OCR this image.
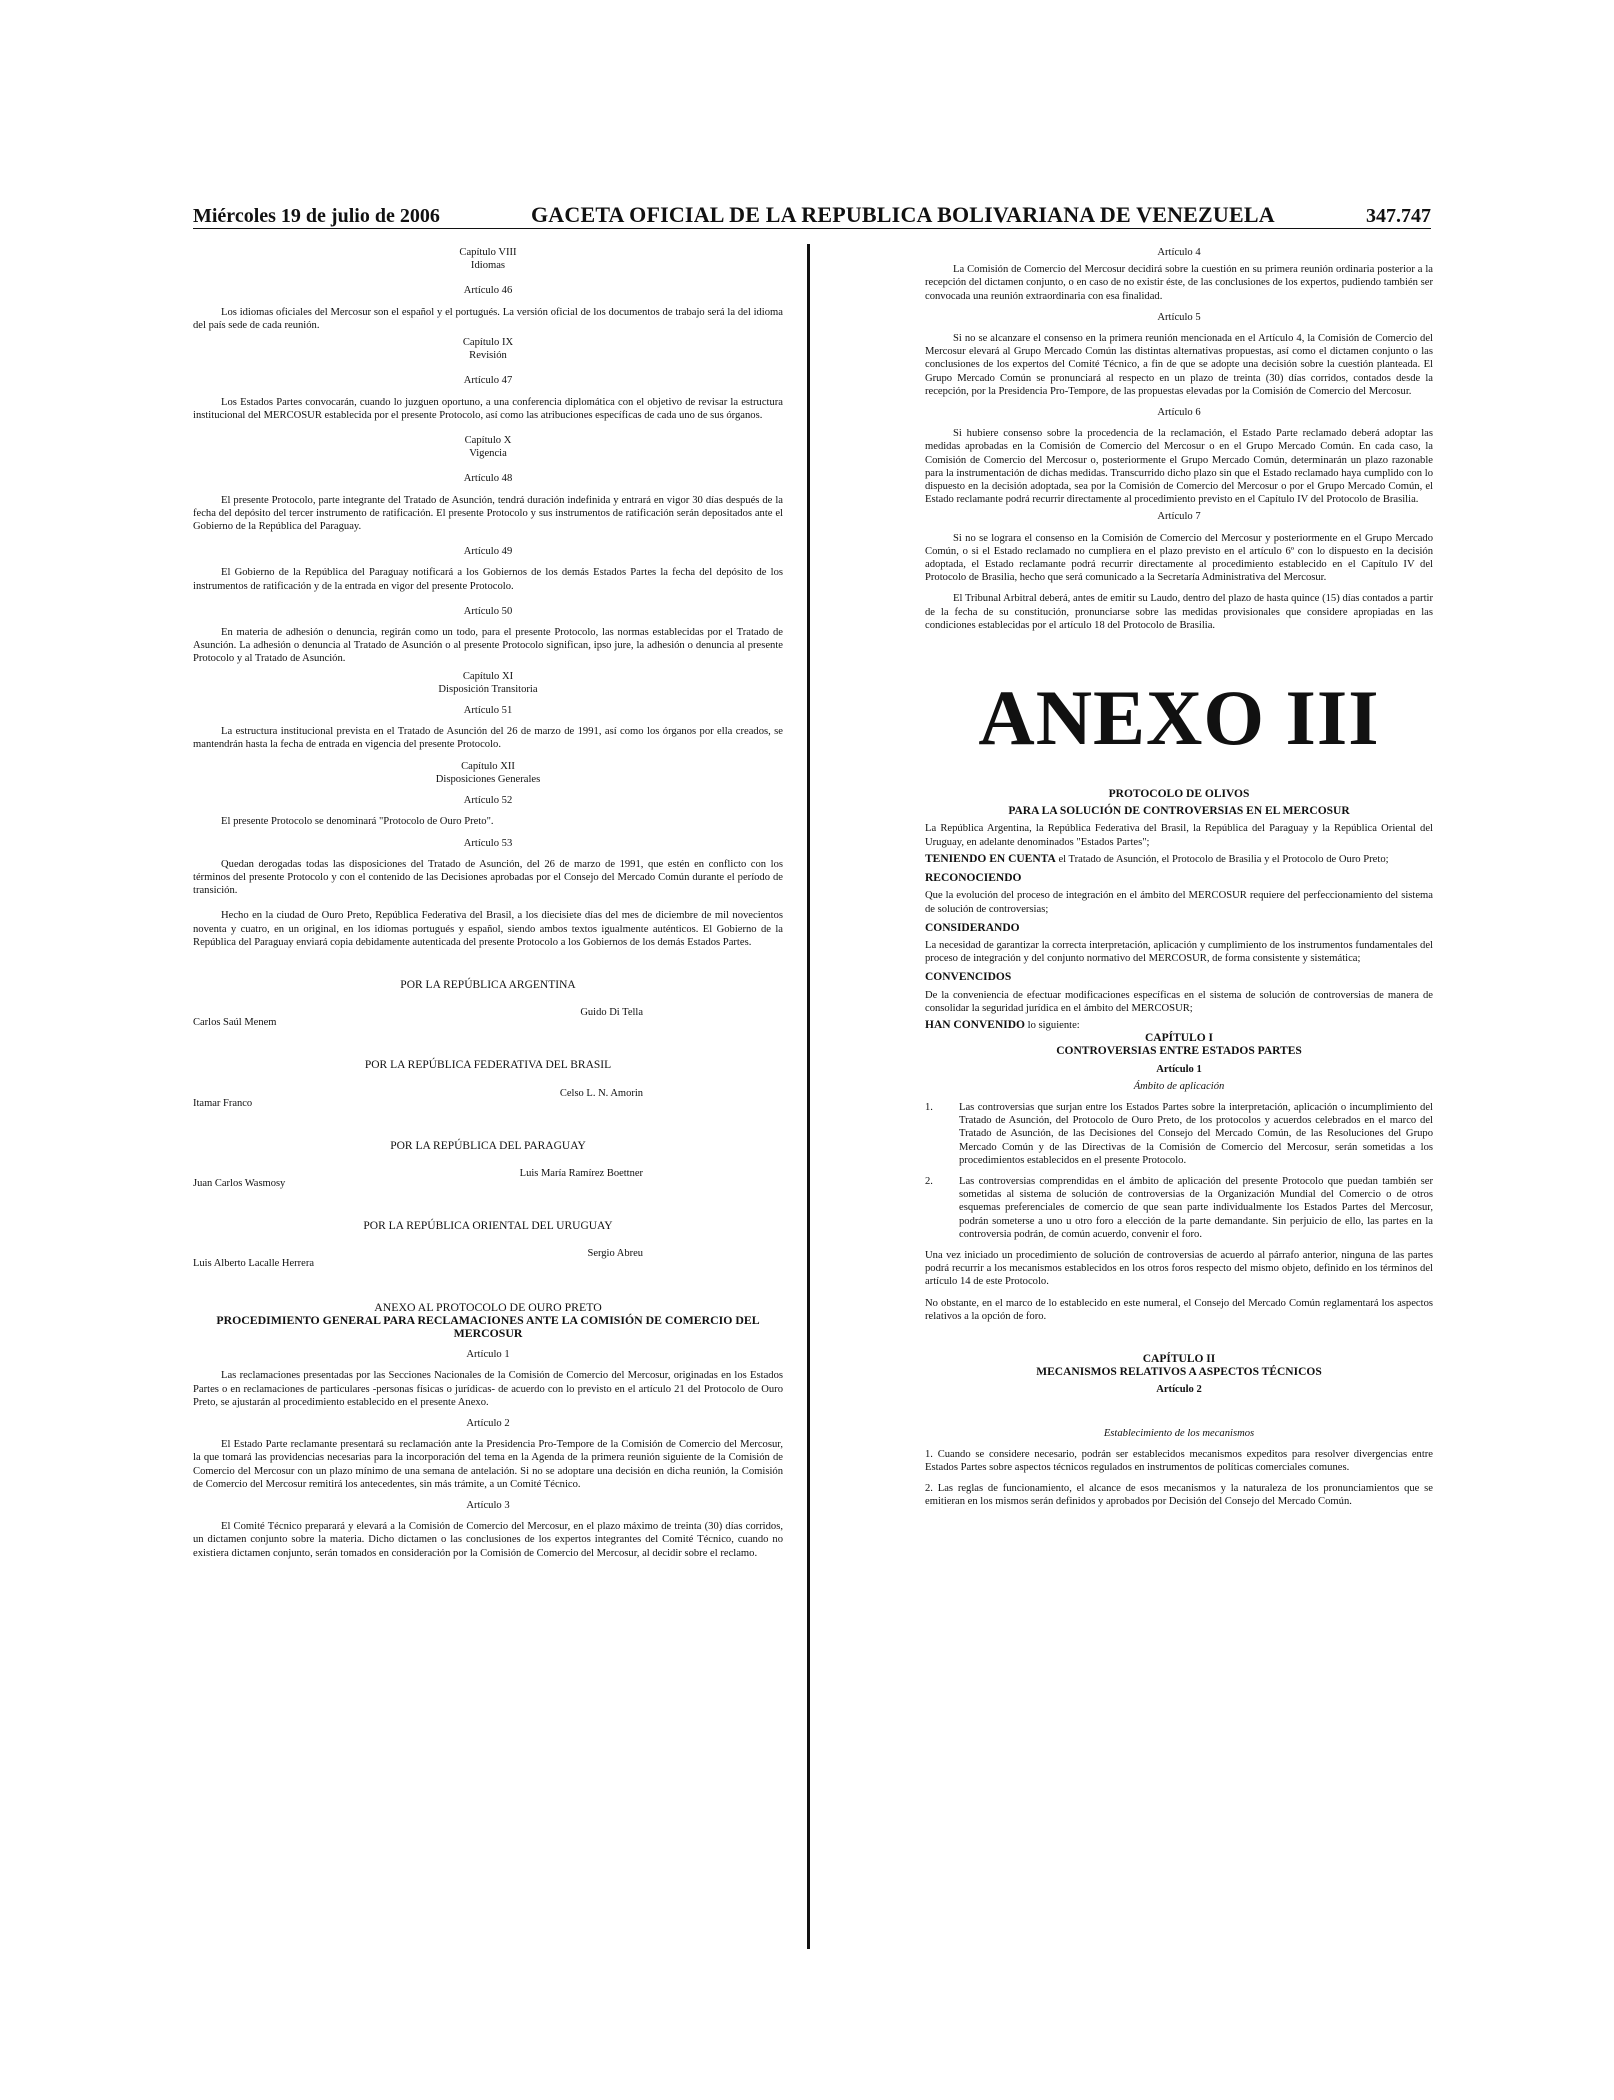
Miércoles 19 de julio de 2006	GACETA OFICIAL DE LA REPUBLICA BOLIVARIANA DE VENEZUELA	347.747
Capítulo VIII
Idiomas
Artículo 46
Los idiomas oficiales del Mercosur son el español y el portugués. La versión oficial de los documentos de trabajo será la del idioma del país sede de cada reunión.
Capítulo IX
Revisión
Artículo 47
Los Estados Partes convocarán, cuando lo juzguen oportuno, a una conferencia diplomática con el objetivo de revisar la estructura institucional del MERCOSUR establecida por el presente Protocolo, así como las atribuciones específicas de cada uno de sus órganos.
Capítulo X
Vigencia
Artículo 48
El presente Protocolo, parte integrante del Tratado de Asunción, tendrá duración indefinida y entrará en vigor 30 días después de la fecha del depósito del tercer instrumento de ratificación. El presente Protocolo y sus instrumentos de ratificación serán depositados ante el Gobierno de la República del Paraguay.
Artículo 49
El Gobierno de la República del Paraguay notificará a los Gobiernos de los demás Estados Partes la fecha del depósito de los instrumentos de ratificación y de la entrada en vigor del presente Protocolo.
Artículo 50
En materia de adhesión o denuncia, regirán como un todo, para el presente Protocolo, las normas establecidas por el Tratado de Asunción. La adhesión o denuncia al Tratado de Asunción o al presente Protocolo significan, ipso jure, la adhesión o denuncia al presente Protocolo y al Tratado de Asunción.
Capítulo XI
Disposición Transitoria
Artículo 51
La estructura institucional prevista en el Tratado de Asunción del 26 de marzo de 1991, así como los órganos por ella creados, se mantendrán hasta la fecha de entrada en vigencia del presente Protocolo.
Capítulo XII
Disposiciones Generales
Artículo 52
El presente Protocolo se denominará "Protocolo de Ouro Preto".
Artículo 53
Quedan derogadas todas las disposiciones del Tratado de Asunción, del 26 de marzo de 1991, que estén en conflicto con los términos del presente Protocolo y con el contenido de las Decisiones aprobadas por el Consejo del Mercado Común durante el período de transición.
Hecho en la ciudad de Ouro Preto, República Federativa del Brasil, a los diecisiete días del mes de diciembre de mil novecientos noventa y cuatro, en un original, en los idiomas portugués y español, siendo ambos textos igualmente auténticos. El Gobierno de la República del Paraguay enviará copia debidamente autenticada del presente Protocolo a los Gobiernos de los demás Estados Partes.
POR LA REPÚBLICA ARGENTINA
Carlos Saúl Menem
Guido Di Tella
POR LA REPÚBLICA FEDERATIVA DEL BRASIL
Itamar Franco
Celso L. N. Amorin
POR LA REPÚBLICA DEL PARAGUAY
Juan Carlos Wasmosy
Luis María Ramírez Boettner
POR LA REPÚBLICA ORIENTAL DEL URUGUAY
Luis Alberto Lacalle Herrera
Sergio Abreu
ANEXO AL PROTOCOLO DE OURO PRETO
PROCEDIMIENTO GENERAL PARA RECLAMACIONES ANTE LA COMISIÓN DE COMERCIO DEL MERCOSUR
Artículo 1
Las reclamaciones presentadas por las Secciones Nacionales de la Comisión de Comercio del Mercosur, originadas en los Estados Partes o en reclamaciones de particulares -personas físicas o jurídicas- de acuerdo con lo previsto en el artículo 21 del Protocolo de Ouro Preto, se ajustarán al procedimiento establecido en el presente Anexo.
Artículo 2
El Estado Parte reclamante presentará su reclamación ante la Presidencia Pro-Tempore de la Comisión de Comercio del Mercosur, la que tomará las providencias necesarias para la incorporación del tema en la Agenda de la primera reunión siguiente de la Comisión de Comercio del Mercosur con un plazo mínimo de una semana de antelación. Si no se adoptare una decisión en dicha reunión, la Comisión de Comercio del Mercosur remitirá los antecedentes, sin más trámite, a un Comité Técnico.
Artículo 3
El Comité Técnico preparará y elevará a la Comisión de Comercio del Mercosur, en el plazo máximo de treinta (30) días corridos, un dictamen conjunto sobre la materia. Dicho dictamen o las conclusiones de los expertos integrantes del Comité Técnico, cuando no existiera dictamen conjunto, serán tomados en consideración por la Comisión de Comercio del Mercosur, al decidir sobre el reclamo.
Artículo 4
La Comisión de Comercio del Mercosur decidirá sobre la cuestión en su primera reunión ordinaria posterior a la recepción del dictamen conjunto, o en caso de no existir éste, de las conclusiones de los expertos, pudiendo también ser convocada una reunión extraordinaria con esa finalidad.
Artículo 5
Si no se alcanzare el consenso en la primera reunión mencionada en el Artículo 4, la Comisión de Comercio del Mercosur elevará al Grupo Mercado Común las distintas alternativas propuestas, así como el dictamen conjunto o las conclusiones de los expertos del Comité Técnico, a fin de que se adopte una decisión sobre la cuestión planteada. El Grupo Mercado Común se pronunciará al respecto en un plazo de treinta (30) días corridos, contados desde la recepción, por la Presidencia Pro-Tempore, de las propuestas elevadas por la Comisión de Comercio del Mercosur.
Artículo 6
Si hubiere consenso sobre la procedencia de la reclamación, el Estado Parte reclamado deberá adoptar las medidas aprobadas en la Comisión de Comercio del Mercosur o en el Grupo Mercado Común. En cada caso, la Comisión de Comercio del Mercosur o, posteriormente el Grupo Mercado Común, determinarán un plazo razonable para la instrumentación de dichas medidas. Transcurrido dicho plazo sin que el Estado reclamado haya cumplido con lo dispuesto en la decisión adoptada, sea por la Comisión de Comercio del Mercosur o por el Grupo Mercado Común, el Estado reclamante podrá recurrir directamente al procedimiento previsto en el Capítulo IV del Protocolo de Brasilia.
Artículo 7
Si no se lograra el consenso en la Comisión de Comercio del Mercosur y posteriormente en el Grupo Mercado Común, o si el Estado reclamado no cumpliera en el plazo previsto en el artículo 6º con lo dispuesto en la decisión adoptada, el Estado reclamante podrá recurrir directamente al procedimiento establecido en el Capítulo IV del Protocolo de Brasilia, hecho que será comunicado a la Secretaría Administrativa del Mercosur.
El Tribunal Arbitral deberá, antes de emitir su Laudo, dentro del plazo de hasta quince (15) días contados a partir de la fecha de su constitución, pronunciarse sobre las medidas provisionales que considere apropiadas en las condiciones establecidas por el artículo 18 del Protocolo de Brasilia.
ANEXO III
PROTOCOLO DE OLIVOS
PARA LA SOLUCIÓN DE CONTROVERSIAS EN EL MERCOSUR
La República Argentina, la República Federativa del Brasil, la República del Paraguay y la República Oriental del Uruguay, en adelante denominados "Estados Partes";
TENIENDO EN CUENTA el Tratado de Asunción, el Protocolo de Brasilia y el Protocolo de Ouro Preto;
RECONOCIENDO
Que la evolución del proceso de integración en el ámbito del MERCOSUR requiere del perfeccionamiento del sistema de solución de controversias;
CONSIDERANDO
La necesidad de garantizar la correcta interpretación, aplicación y cumplimiento de los instrumentos fundamentales del proceso de integración y del conjunto normativo del MERCOSUR, de forma consistente y sistemática;
CONVENCIDOS
De la conveniencia de efectuar modificaciones específicas en el sistema de solución de controversias de manera de consolidar la seguridad jurídica en el ámbito del MERCOSUR;
HAN CONVENIDO lo siguiente:
CAPÍTULO I
CONTROVERSIAS ENTRE ESTADOS PARTES
Artículo 1
Ámbito de aplicación
1.	Las controversias que surjan entre los Estados Partes sobre la interpretación, aplicación o incumplimiento del Tratado de Asunción, del Protocolo de Ouro Preto, de los protocolos y acuerdos celebrados en el marco del Tratado de Asunción, de las Decisiones del Consejo del Mercado Común, de las Resoluciones del Grupo Mercado Común y de las Directivas de la Comisión de Comercio del Mercosur, serán sometidas a los procedimientos establecidos en el presente Protocolo.
2.	Las controversias comprendidas en el ámbito de aplicación del presente Protocolo que puedan también ser sometidas al sistema de solución de controversias de la Organización Mundial del Comercio o de otros esquemas preferenciales de comercio de que sean parte individualmente los Estados Partes del Mercosur, podrán someterse a uno u otro foro a elección de la parte demandante. Sin perjuicio de ello, las partes en la controversia podrán, de común acuerdo, convenir el foro.
Una vez iniciado un procedimiento de solución de controversias de acuerdo al párrafo anterior, ninguna de las partes podrá recurrir a los mecanismos establecidos en los otros foros respecto del mismo objeto, definido en los términos del artículo 14 de este Protocolo.
No obstante, en el marco de lo establecido en este numeral, el Consejo del Mercado Común reglamentará los aspectos relativos a la opción de foro.
CAPÍTULO II
MECANISMOS RELATIVOS A ASPECTOS TÉCNICOS
Artículo 2
Establecimiento de los mecanismos
1. Cuando se considere necesario, podrán ser establecidos mecanismos expeditos para resolver divergencias entre Estados Partes sobre aspectos técnicos regulados en instrumentos de políticas comerciales comunes.
2. Las reglas de funcionamiento, el alcance de esos mecanismos y la naturaleza de los pronunciamientos que se emitieran en los mismos serán definidos y aprobados por Decisión del Consejo del Mercado Común.
